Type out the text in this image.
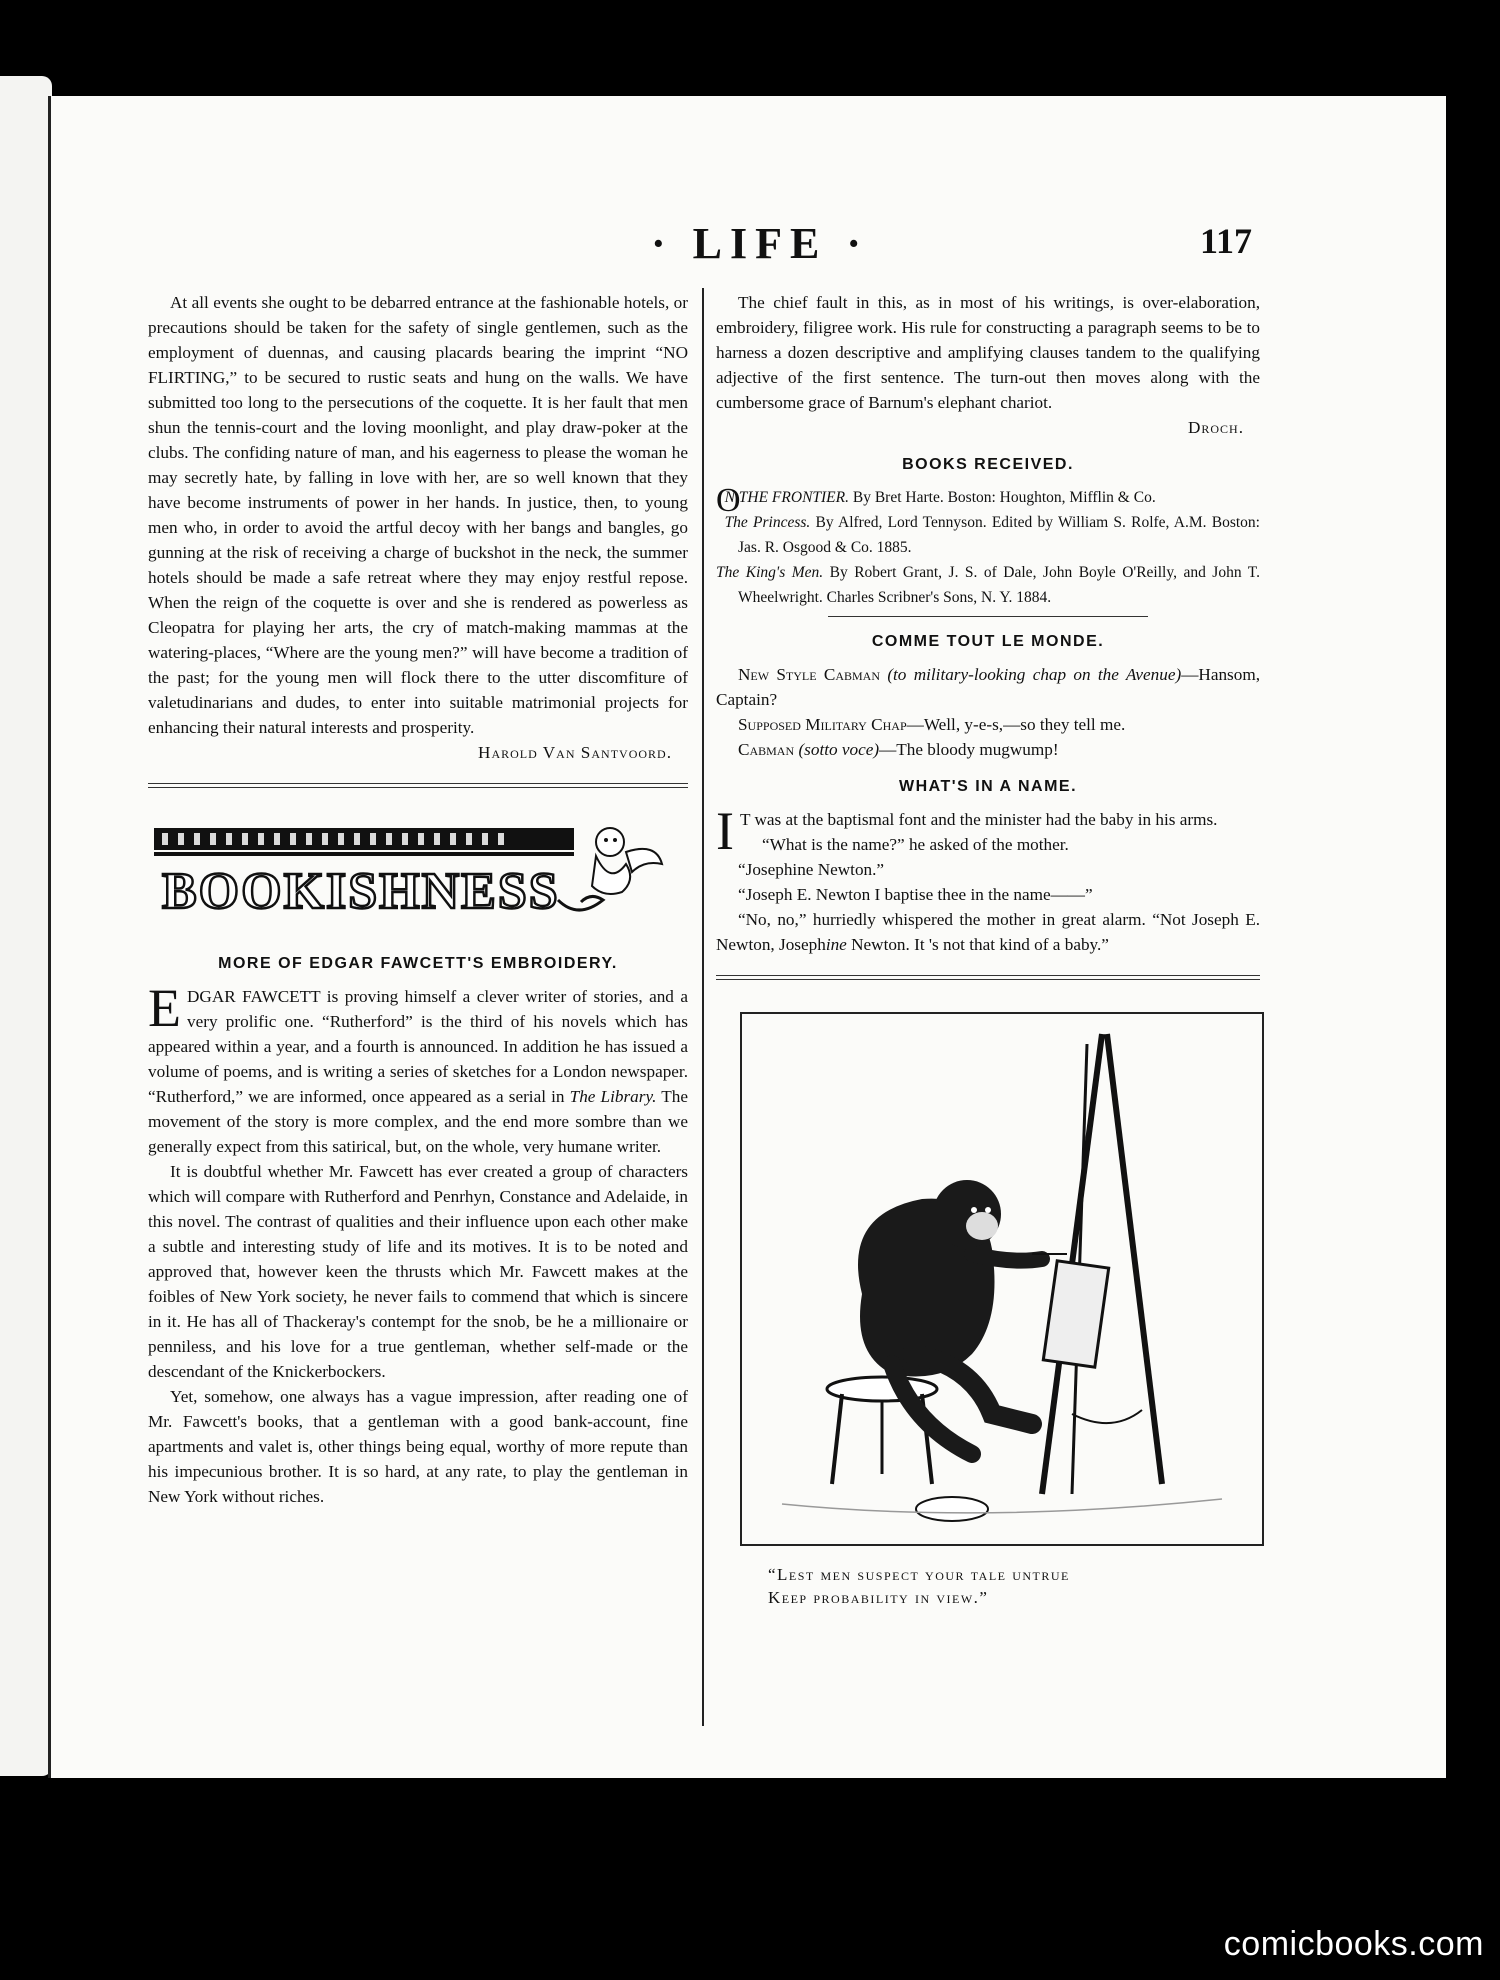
· LIFE ·	117

At all events she ought to be debarred entrance at the fashionable hotels, or precautions should be taken for the safety of single gentlemen, such as the employment of duennas, and causing placards bearing the imprint “NO FLIRTING,” to be secured to rustic seats and hung on the walls. We have submitted too long to the persecutions of the coquette. It is her fault that men shun the tennis-court and the loving moonlight, and play draw-poker at the clubs. The confiding nature of man, and his eagerness to please the woman he may secretly hate, by falling in love with her, are so well known that they have become instruments of power in her hands. In justice, then, to young men who, in order to avoid the artful decoy with her bangs and bangles, go gunning at the risk of receiving a charge of buckshot in the neck, the summer hotels should be made a safe retreat where they may enjoy restful repose. When the reign of the coquette is over and she is rendered as powerless as Cleopatra for playing her arts, the cry of match-making mammas at the watering-places, “Where are the young men?” will have become a tradition of the past; for the young men will flock there to the utter discomfiture of valetudinarians and dudes, to enter into suitable matrimonial projects for enhancing their natural interests and prosperity.

Harold Van Santvoord.
BOOKISHNESS
MORE OF EDGAR FAWCETT'S EMBROIDERY.

EDGAR FAWCETT is proving himself a clever writer of stories, and a very prolific one. “Rutherford” is the third of his novels which has appeared within a year, and a fourth is announced. In addition he has issued a volume of poems, and is writing a series of sketches for a London newspaper. “Rutherford,” we are informed, once appeared as a serial in The Library. The movement of the story is more complex, and the end more sombre than we generally expect from this satirical, but, on the whole, very humane writer.

It is doubtful whether Mr. Fawcett has ever created a group of characters which will compare with Rutherford and Penrhyn, Constance and Adelaide, in this novel. The contrast of qualities and their influence upon each other make a subtle and interesting study of life and its motives. It is to be noted and approved that, however keen the thrusts which Mr. Fawcett makes at the foibles of New York society, he never fails to commend that which is sincere in it. He has all of Thackeray's contempt for the snob, be he a millionaire or penniless, and his love for a true gentleman, whether self-made or the descendant of the Knickerbockers.

Yet, somehow, one always has a vague impression, after reading one of Mr. Fawcett's books, that a gentleman with a good bank-account, fine apartments and valet is, other things being equal, worthy of more repute than his impecunious brother. It is so hard, at any rate, to play the gentleman in New York without riches.

The chief fault in this, as in most of his writings, is over-elaboration, embroidery, filigree work. His rule for constructing a paragraph seems to be to harness a dozen descriptive and amplifying clauses tandem to the qualifying adjective of the first sentence. The turn-out then moves along with the cumbersome grace of Barnum's elephant chariot.

Droch.
BOOKS RECEIVED.
O
N THE FRONTIER. By Bret Harte. Boston: Houghton, Mifflin & Co.
The Princess. By Alfred, Lord Tennyson. Edited by William S. Rolfe, A.M. Boston: Jas. R. Osgood & Co. 1885.
The King's Men. By Robert Grant, J. S. of Dale, John Boyle O'Reilly, and John T. Wheelwright. Charles Scribner's Sons, N. Y. 1884.
COMME TOUT LE MONDE.

New Style Cabman (to military-looking chap on the Avenue)—Hansom, Captain?

Supposed Military Chap—Well, y-e-s,—so they tell me.

Cabman (sotto voce)—The bloody mugwump!

WHAT'S IN A NAME.

I T was at the baptismal font and the minister had the baby in his arms.

“What is the name?” he asked of the mother.

“Josephine Newton.”

“Joseph E. Newton I baptise thee in the name——”

“No, no,” hurriedly whispered the mother in great alarm. “Not Joseph E. Newton, Josephine Newton. It 's not that kind of a baby.”

“Lest men suspect your tale untrue
Keep probability in view.”
comicbooks.com
